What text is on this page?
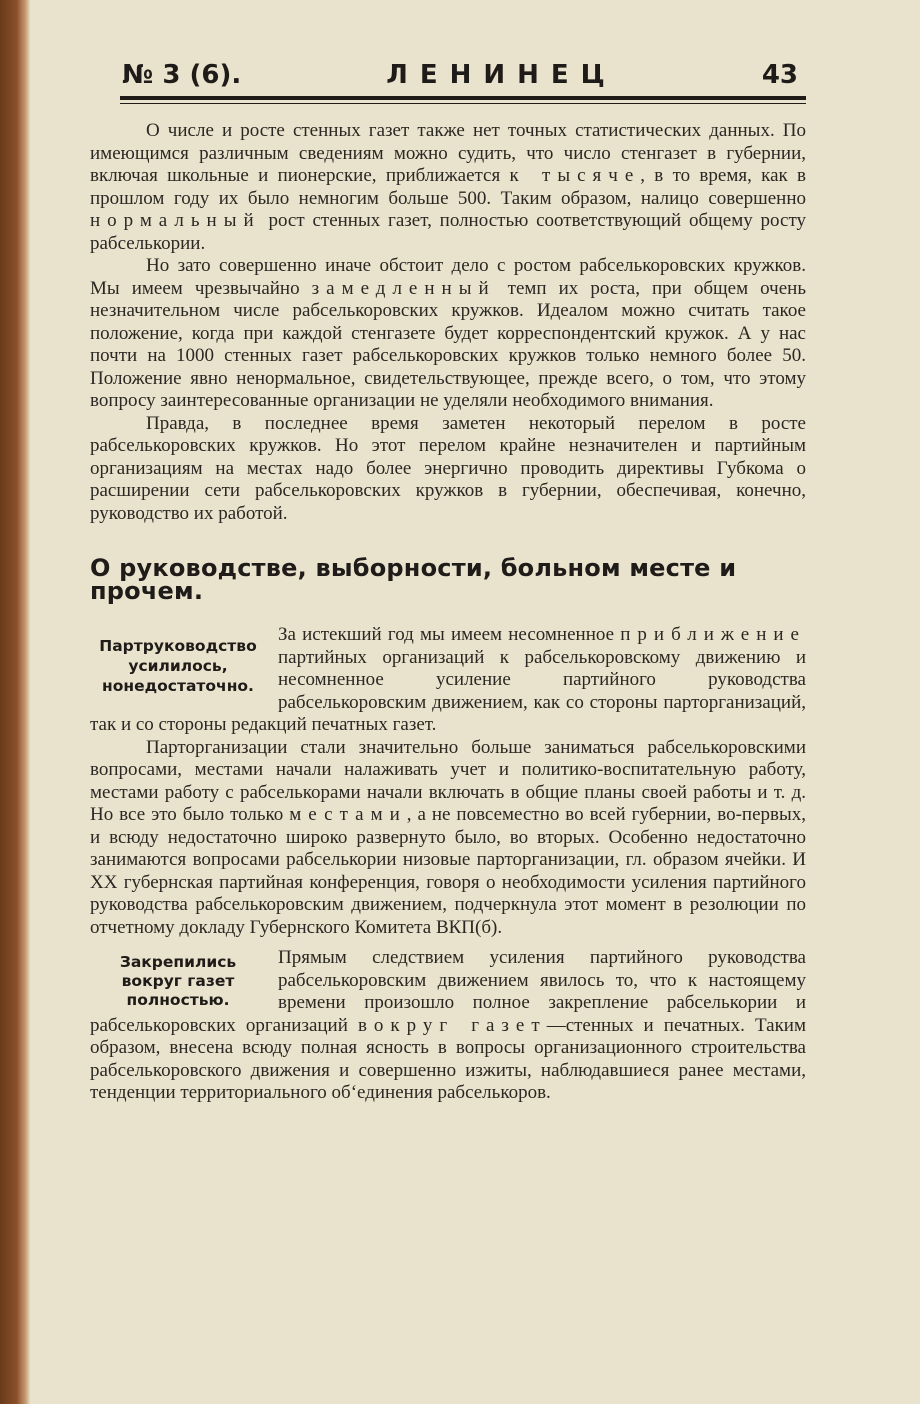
№ 3 (6).	ЛЕНИНЕЦ	43

О числе и росте стенных газет также нет точных статистических данных. По имеющимся различным сведениям можно судить, что число стенгазет в губернии, включая школьные и пионерские, приближается к тысяче, в то время, как в прошлом году их было немногим больше 500. Таким образом, налицо совершенно нормальный рост стенных газет, полностью соответствующий общему росту рабселькории.

Но зато совершенно иначе обстоит дело с ростом рабселькоровских кружков. Мы имеем чрезвычайно замедленный темп их роста, при общем очень незначительном числе рабселькоровских кружков. Идеалом можно считать такое положение, когда при каждой стенгазете будет корреспондентский кружок. А у нас почти на 1000 стенных газет рабселькоровских кружков только немного более 50. Положение явно ненормальное, свидетельствующее, прежде всего, о том, что этому вопросу заинтересованные организации не уделяли необходимого внимания.

Правда, в последнее время заметен некоторый перелом в росте рабселькоровских кружков. Но этот перелом крайне незначителен и партийным организациям на местах надо более энергично проводить директивы Губкома о расширении сети рабселькоровских кружков в губернии, обеспечивая, конечно, руководство их работой.

О руководстве, выборности, больном месте и прочем.
Партруководство усилилось, нонедостаточно.

За истекший год мы имеем несомненное приближение партийных организаций к рабселькоровскому движению и несомненное усиление партийного руководства рабселькоровским движением, как со стороны парторганизаций, так и со стороны редакций печатных газет.

Парторганизации стали значительно больше заниматься рабселькоровскими вопросами, местами начали налаживать учет и политико-воспитательную работу, местами работу с рабселькорами начали включать в общие планы своей работы и т. д. Но все это было только местами, а не повсеместно во всей губернии, во-первых, и всюду недостаточно широко развернуто было, во вторых. Особенно недостаточно занимаются вопросами рабселькории низовые парторганизации, гл. образом ячейки. И XX губернская партийная конференция, говоря о необходимости усиления партийного руководства рабселькоровским движением, подчеркнула этот момент в резолюции по отчетному докладу Губернского Комитета ВКП(б).

Закрепились вокруг газет полностью.

Прямым следствием усиления партийного руководства рабселькоровским движением явилось то, что к настоящему времени произошло полное закрепление рабселькории и рабселькоровских организаций вокруг газет—стенных и печатных. Таким образом, внесена всюду полная ясность в вопросы организационного строительства рабселькоровского движения и совершенно изжиты, наблюдавшиеся ранее местами, тенденции территориального об‘единения рабселькоров.
